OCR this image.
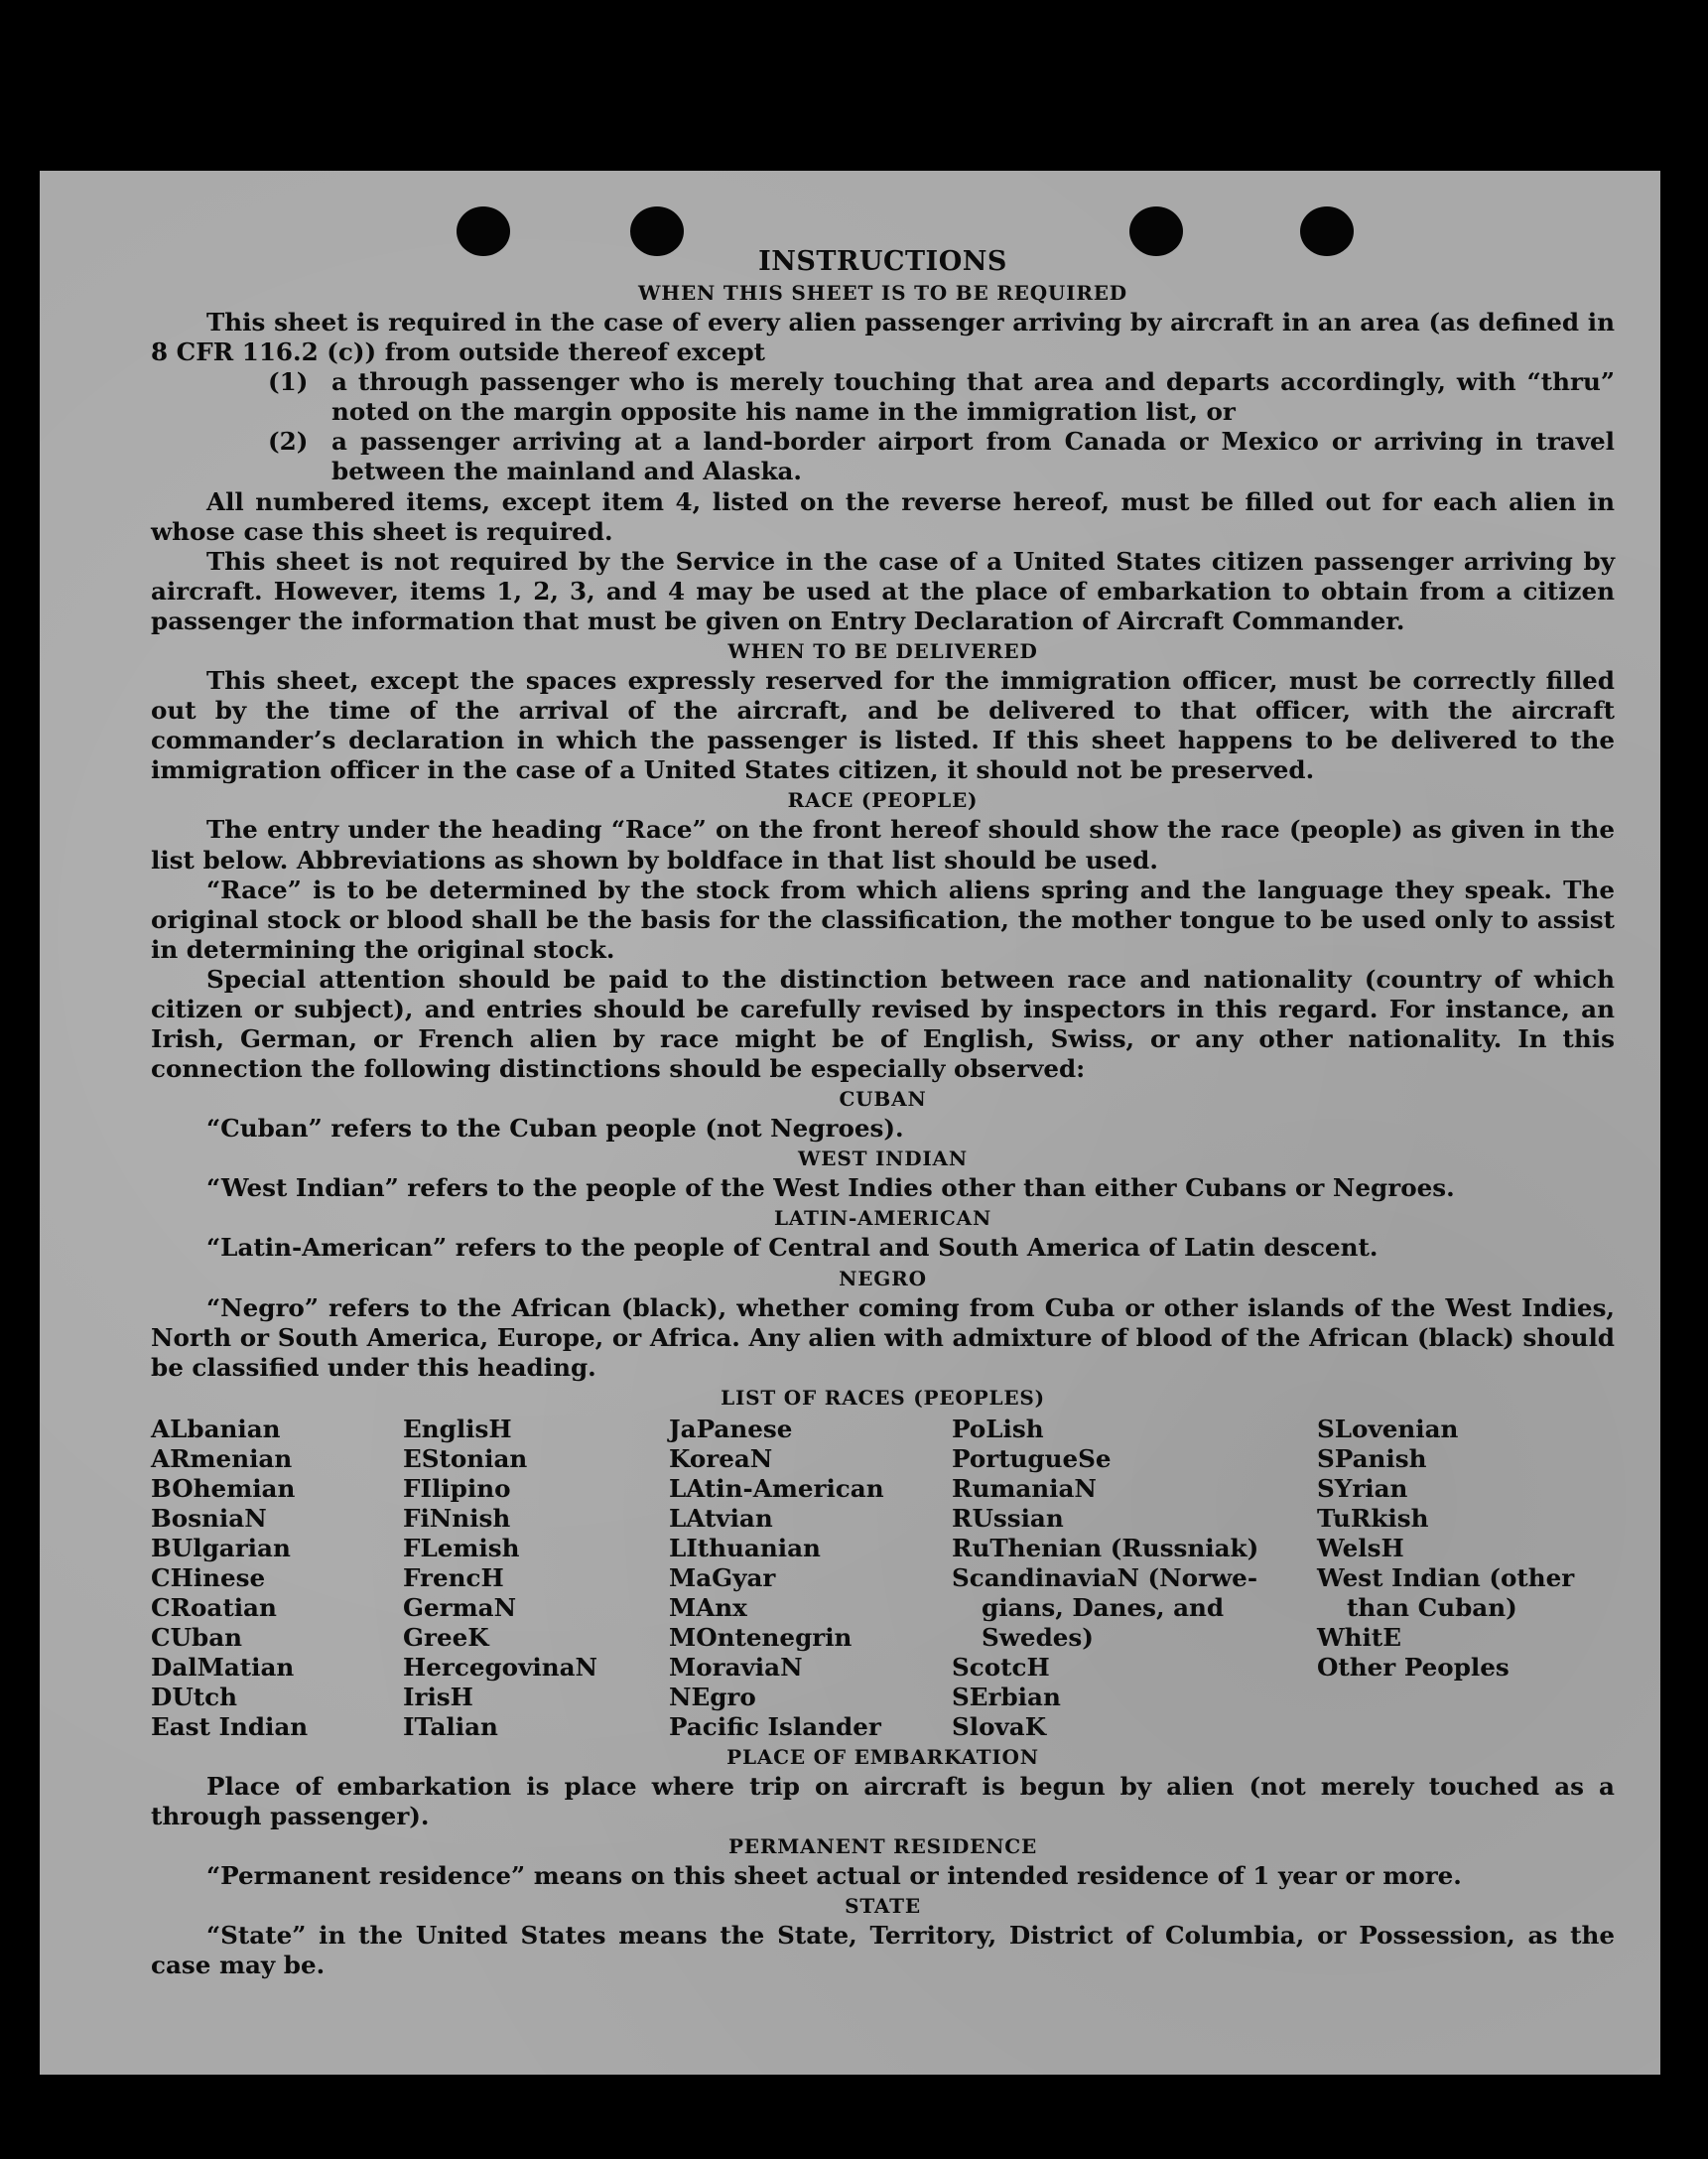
INSTRUCTIONS
WHEN THIS SHEET IS TO BE REQUIRED

This sheet is required in the case of every alien passenger arriving by aircraft in an area (as defined in 8 CFR 116.2 (c)) from outside thereof except

(1) a through passenger who is merely touching that area and departs accordingly, with “thru” noted on the margin opposite his name in the immigration list, or
(2) a passenger arriving at a land-border airport from Canada or Mexico or arriving in travel between the mainland and Alaska.

All numbered items, except item 4, listed on the reverse hereof, must be filled out for each alien in whose case this sheet is required.

This sheet is not required by the Service in the case of a United States citizen passenger arriving by aircraft. However, items 1, 2, 3, and 4 may be used at the place of embarkation to obtain from a citizen passenger the information that must be given on Entry Declaration of Aircraft Commander.

WHEN TO BE DELIVERED

This sheet, except the spaces expressly reserved for the immigration officer, must be correctly filled out by the time of the arrival of the aircraft, and be delivered to that officer, with the aircraft commander’s declaration in which the passenger is listed. If this sheet happens to be delivered to the immigration officer in the case of a United States citizen, it should not be preserved.

RACE (PEOPLE)

The entry under the heading “Race” on the front hereof should show the race (people) as given in the list below. Abbreviations as shown by boldface in that list should be used.

“Race” is to be determined by the stock from which aliens spring and the language they speak. The original stock or blood shall be the basis for the classification, the mother tongue to be used only to assist in determining the original stock.

Special attention should be paid to the distinction between race and nationality (country of which citizen or subject), and entries should be carefully revised by inspectors in this regard. For instance, an Irish, German, or French alien by race might be of English, Swiss, or any other nationality. In this connection the following distinctions should be especially observed:

CUBAN

“Cuban” refers to the Cuban people (not Negroes).

WEST INDIAN

“West Indian” refers to the people of the West Indies other than either Cubans or Negroes.

LATIN-AMERICAN

“Latin-American” refers to the people of Central and South America of Latin descent.

NEGRO

“Negro” refers to the African (black), whether coming from Cuba or other islands of the West Indies, North or South America, Europe, or Africa. Any alien with admixture of blood of the African (black) should be classified under this heading.

LIST OF RACES (PEOPLES)
ALbanian
ARmenian
BOhemian
BosniaN
BUlgarian
CHinese
CRoatian
CUban
DalMatian
DUtch
East Indian
EnglisH
EStonian
FIlipino
FiNnish
FLemish
FrencH
GermaN
GreeK
HercegovinaN
IrisH
ITalian
JaPanese
KoreaN
LAtin-American
LAtvian
LIthuanian
MaGyar
MAnx
MOntenegrin
MoraviaN
NEgro
Pacific Islander
PoLish
PortugueSe
RumaniaN
RUssian
RuThenian (Russniak)
ScandinaviaN (Norwe-
gians, Danes, and
Swedes)
ScotcH
SErbian
SlovaK
SLovenian
SPanish
SYrian
TuRkish
WelsH
West Indian (other
than Cuban)
WhitE
Other Peoples
PLACE OF EMBARKATION

Place of embarkation is place where trip on aircraft is begun by alien (not merely touched as a through passenger).

PERMANENT RESIDENCE

“Permanent residence” means on this sheet actual or intended residence of 1 year or more.

STATE

“State” in the United States means the State, Territory, District of Columbia, or Possession, as the case may be.
